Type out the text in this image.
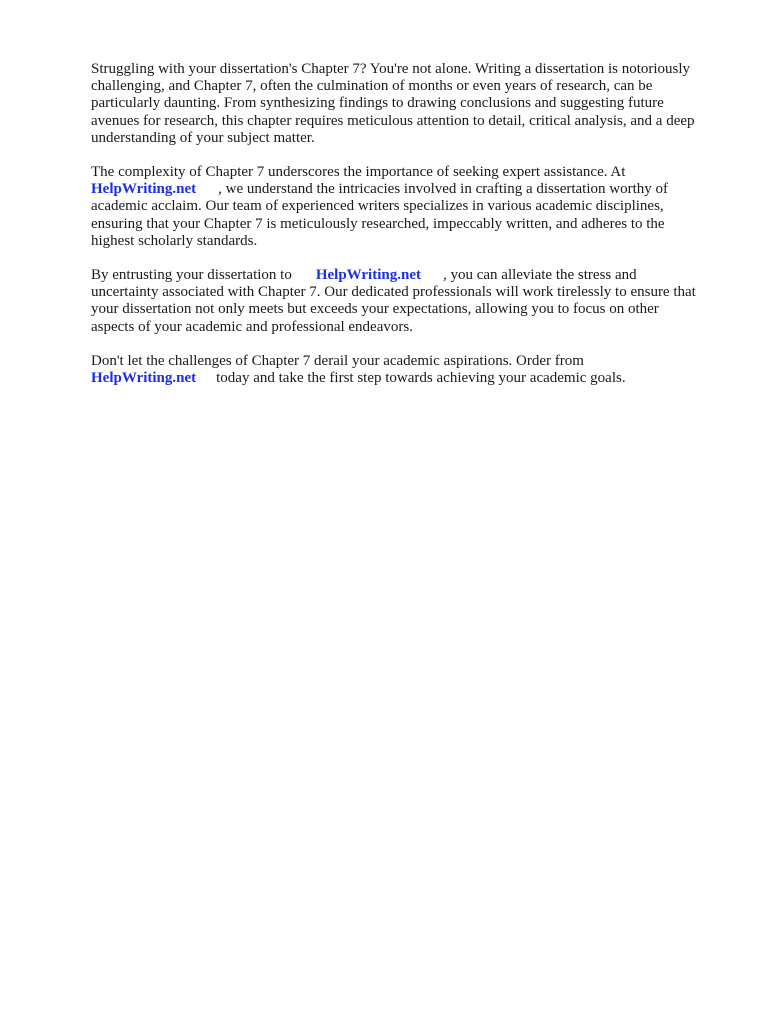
Struggling with your dissertation's Chapter 7? You're not alone. Writing a dissertation is notoriously
challenging, and Chapter 7, often the culmination of months or even years of research, can be
particularly daunting. From synthesizing findings to drawing conclusions and suggesting future
avenues for research, this chapter requires meticulous attention to detail, critical analysis, and a deep
understanding of your subject matter.

The complexity of Chapter 7 underscores the importance of seeking expert assistance. At
HelpWriting.net , we understand the intricacies involved in crafting a dissertation worthy of
academic acclaim. Our team of experienced writers specializes in various academic disciplines,
ensuring that your Chapter 7 is meticulously researched, impeccably written, and adheres to the
highest scholarly standards.

By entrusting your dissertation to HelpWriting.net , you can alleviate the stress and
uncertainty associated with Chapter 7. Our dedicated professionals will work tirelessly to ensure that
your dissertation not only meets but exceeds your expectations, allowing you to focus on other
aspects of your academic and professional endeavors.

Don't let the challenges of Chapter 7 derail your academic aspirations. Order from
HelpWriting.net today and take the first step towards achieving your academic goals.
